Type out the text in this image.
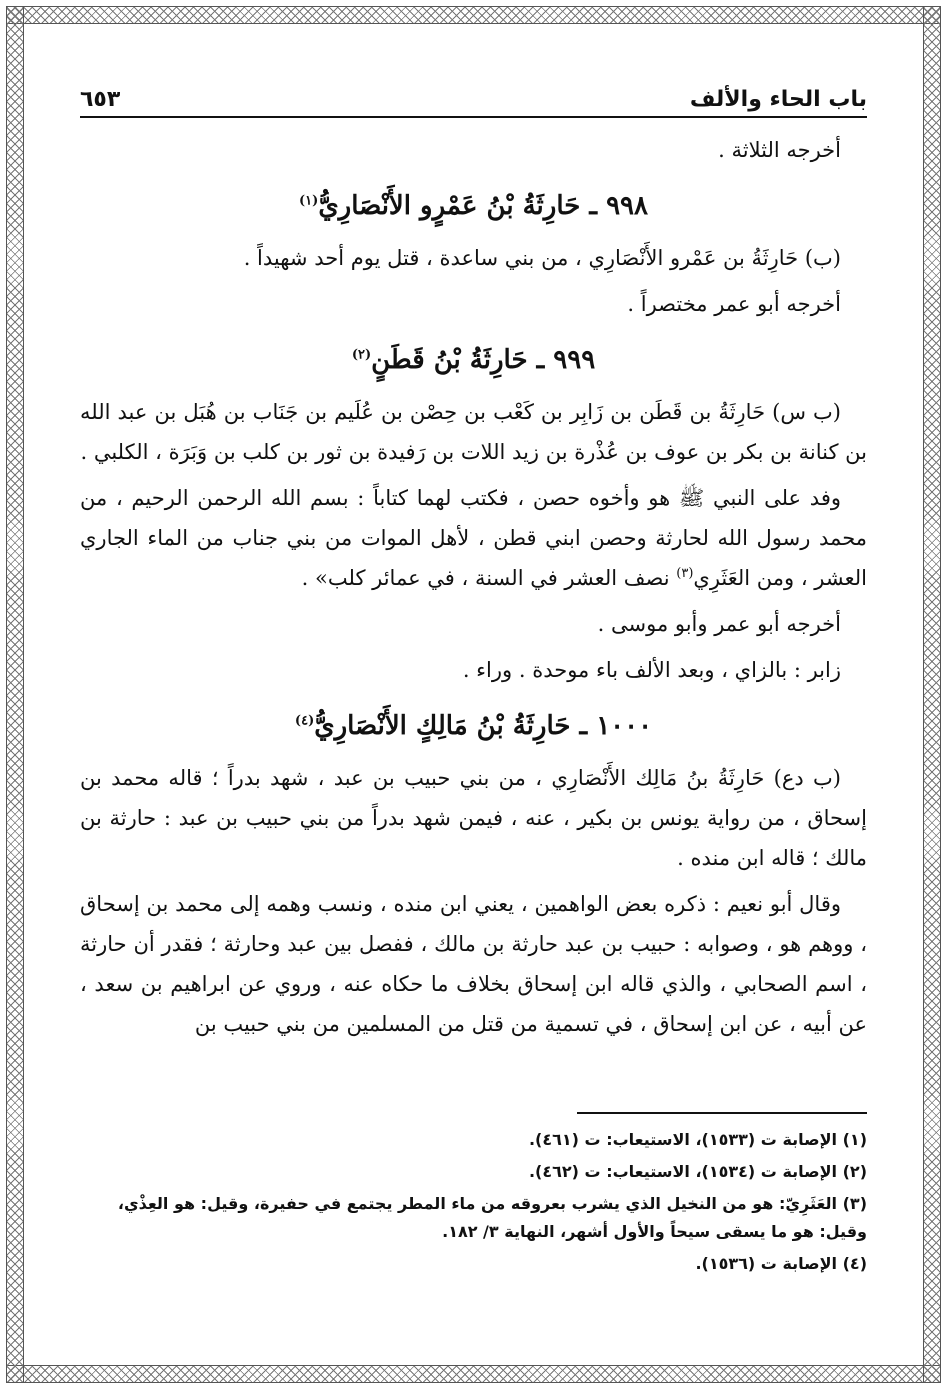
باب الحاء والألف
٦٥٣

أخرجه الثلاثة .

٩٩٨ ـ حَارِثَةُ بْنُ عَمْرٍو الأَنْصَارِيُّ$^{(١)}$

(ب) حَارِثَةُ بن عَمْرو الأَنْصَارِي ، من بني ساعدة ، قتل يوم أحد شهيداً .

أخرجه أبو عمر مختصراً .

٩٩٩ ـ حَارِثَةُ بْنُ قَطَنٍ$^{(٢)}$

(ب س) حَارِثَةُ بن قَطَن بن زَابِر بن كَعْب بن حِصْن بن عُلَيم بن جَنَاب بن هُبَل بن عبد الله بن كنانة بن بكر بن عوف بن عُذْرة بن زيد اللات بن رَفيدة بن ثور بن كلب بن وَبَرَة ، الكلبي .

وفد على النبي ﷺ هو وأخوه حصن ، فكتب لهما كتاباً : بسم الله الرحمن الرحيم ، من محمد رسول الله لحارثة وحصن ابني قطن ، لأهل الموات من بني جناب من الماء الجاري العشر ، ومن العَثَرِي$^{(٣)}$ نصف العشر في السنة ، في عمائر كلب» .

أخرجه أبو عمر وأبو موسى .

زابر : بالزاي ، وبعد الألف باء موحدة . وراء .

١٠٠٠ ـ حَارِثَةُ بْنُ مَالِكٍ الأَنْصَارِيُّ$^{(٤)}$

(ب دع) حَارِثَةُ بنُ مَالِك الأَنْصَارِي ، من بني حبيب بن عبد ، شهد بدراً ؛ قاله محمد بن إسحاق ، من رواية يونس بن بكير ، عنه ، فيمن شهد بدراً من بني حبيب بن عبد : حارثة بن مالك ؛ قاله ابن منده .

وقال أبو نعيم : ذكره بعض الواهمين ، يعني ابن منده ، ونسب وهمه إلى محمد بن إسحاق ، ووهم هو ، وصوابه : حبيب بن عبد حارثة بن مالك ، ففصل بين عبد وحارثة ؛ فقدر أن حارثة ، اسم الصحابي ، والذي قاله ابن إسحاق بخلاف ما حكاه عنه ، وروي عن ابراهيم بن سعد ، عن أبيه ، عن ابن إسحاق ، في تسمية من قتل من المسلمين من بني حبيب بن

(١) الإصابة ت (١٥٣٣)، الاستيعاب: ت (٤٦١).

(٢) الإصابة ت (١٥٣٤)، الاستيعاب: ت (٤٦٢).

(٣) العَثَرِيّ: هو من النخيل الذي يشرب بعروقه من ماء المطر يجتمع في حفيرة، وقيل: هو العِذْي، وقيل: هو ما يسقى سيحاً والأول أشهر، النهاية ٣/ ١٨٢.

(٤) الإصابة ت (١٥٣٦).
